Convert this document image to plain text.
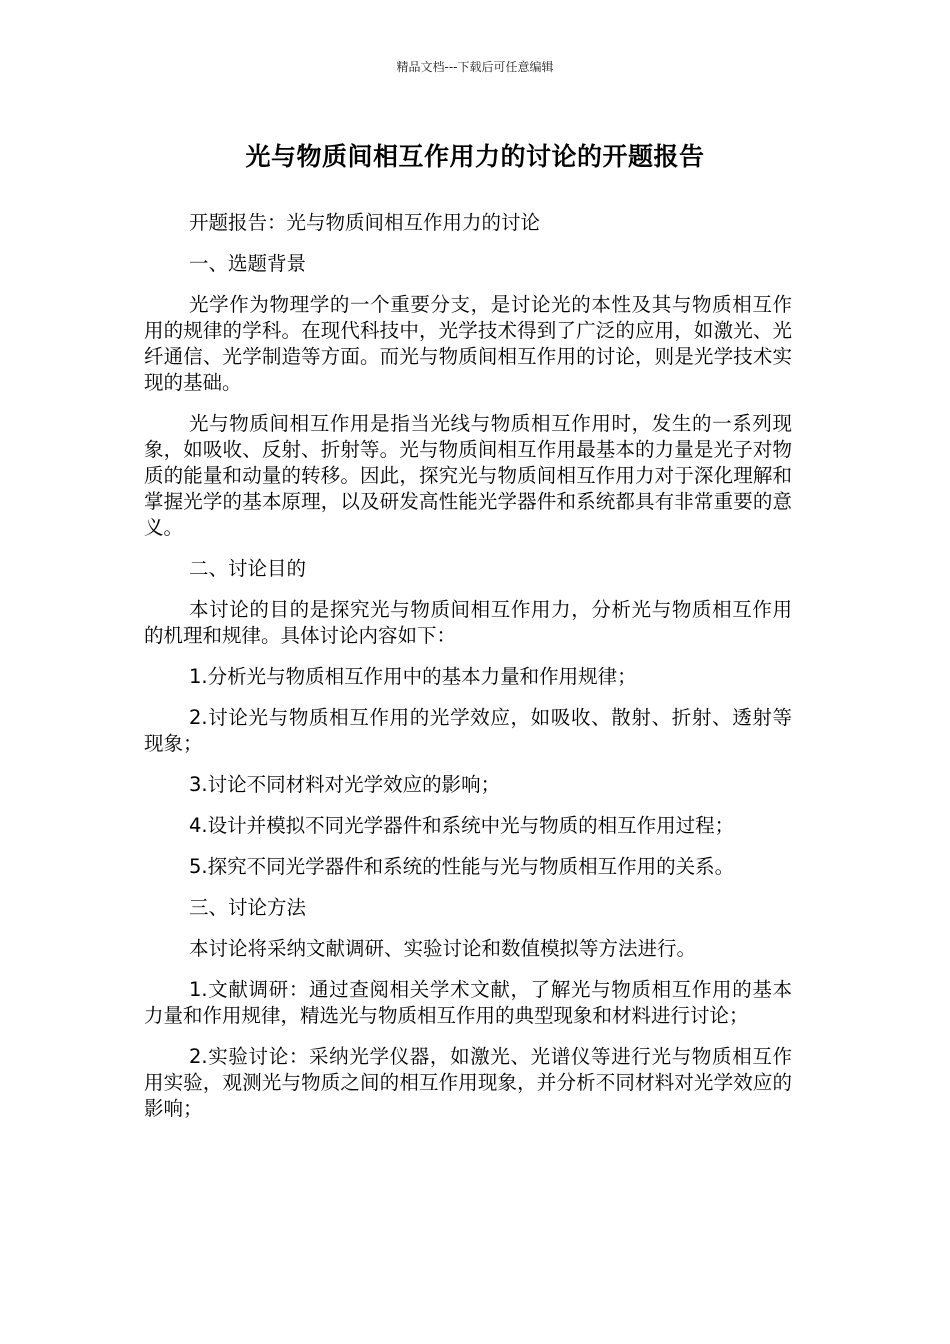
精品文档---下载后可任意编辑
光与物质间相互作用力的讨论的开题报告

开题报告：光与物质间相互作用力的讨论

一、选题背景

光学作为物理学的一个重要分支，是讨论光的本性及其与物质相互作用的规律的学科。在现代科技中，光学技术得到了广泛的应用，如激光、光纤通信、光学制造等方面。而光与物质间相互作用的讨论，则是光学技术实现的基础。

光与物质间相互作用是指当光线与物质相互作用时，发生的一系列现象，如吸收、反射、折射等。光与物质间相互作用最基本的力量是光子对物质的能量和动量的转移。因此，探究光与物质间相互作用力对于深化理解和掌握光学的基本原理，以及研发高性能光学器件和系统都具有非常重要的意义。

二、讨论目的

本讨论的目的是探究光与物质间相互作用力，分析光与物质相互作用的机理和规律。具体讨论内容如下：

1.分析光与物质相互作用中的基本力量和作用规律；

2.讨论光与物质相互作用的光学效应，如吸收、散射、折射、透射等现象；

3.讨论不同材料对光学效应的影响；

4.设计并模拟不同光学器件和系统中光与物质的相互作用过程；

5.探究不同光学器件和系统的性能与光与物质相互作用的关系。

三、讨论方法

本讨论将采纳文献调研、实验讨论和数值模拟等方法进行。

1.文献调研：通过查阅相关学术文献，了解光与物质相互作用的基本力量和作用规律，精选光与物质相互作用的典型现象和材料进行讨论；

2.实验讨论：采纳光学仪器，如激光、光谱仪等进行光与物质相互作用实验，观测光与物质之间的相互作用现象，并分析不同材料对光学效应的影响；
